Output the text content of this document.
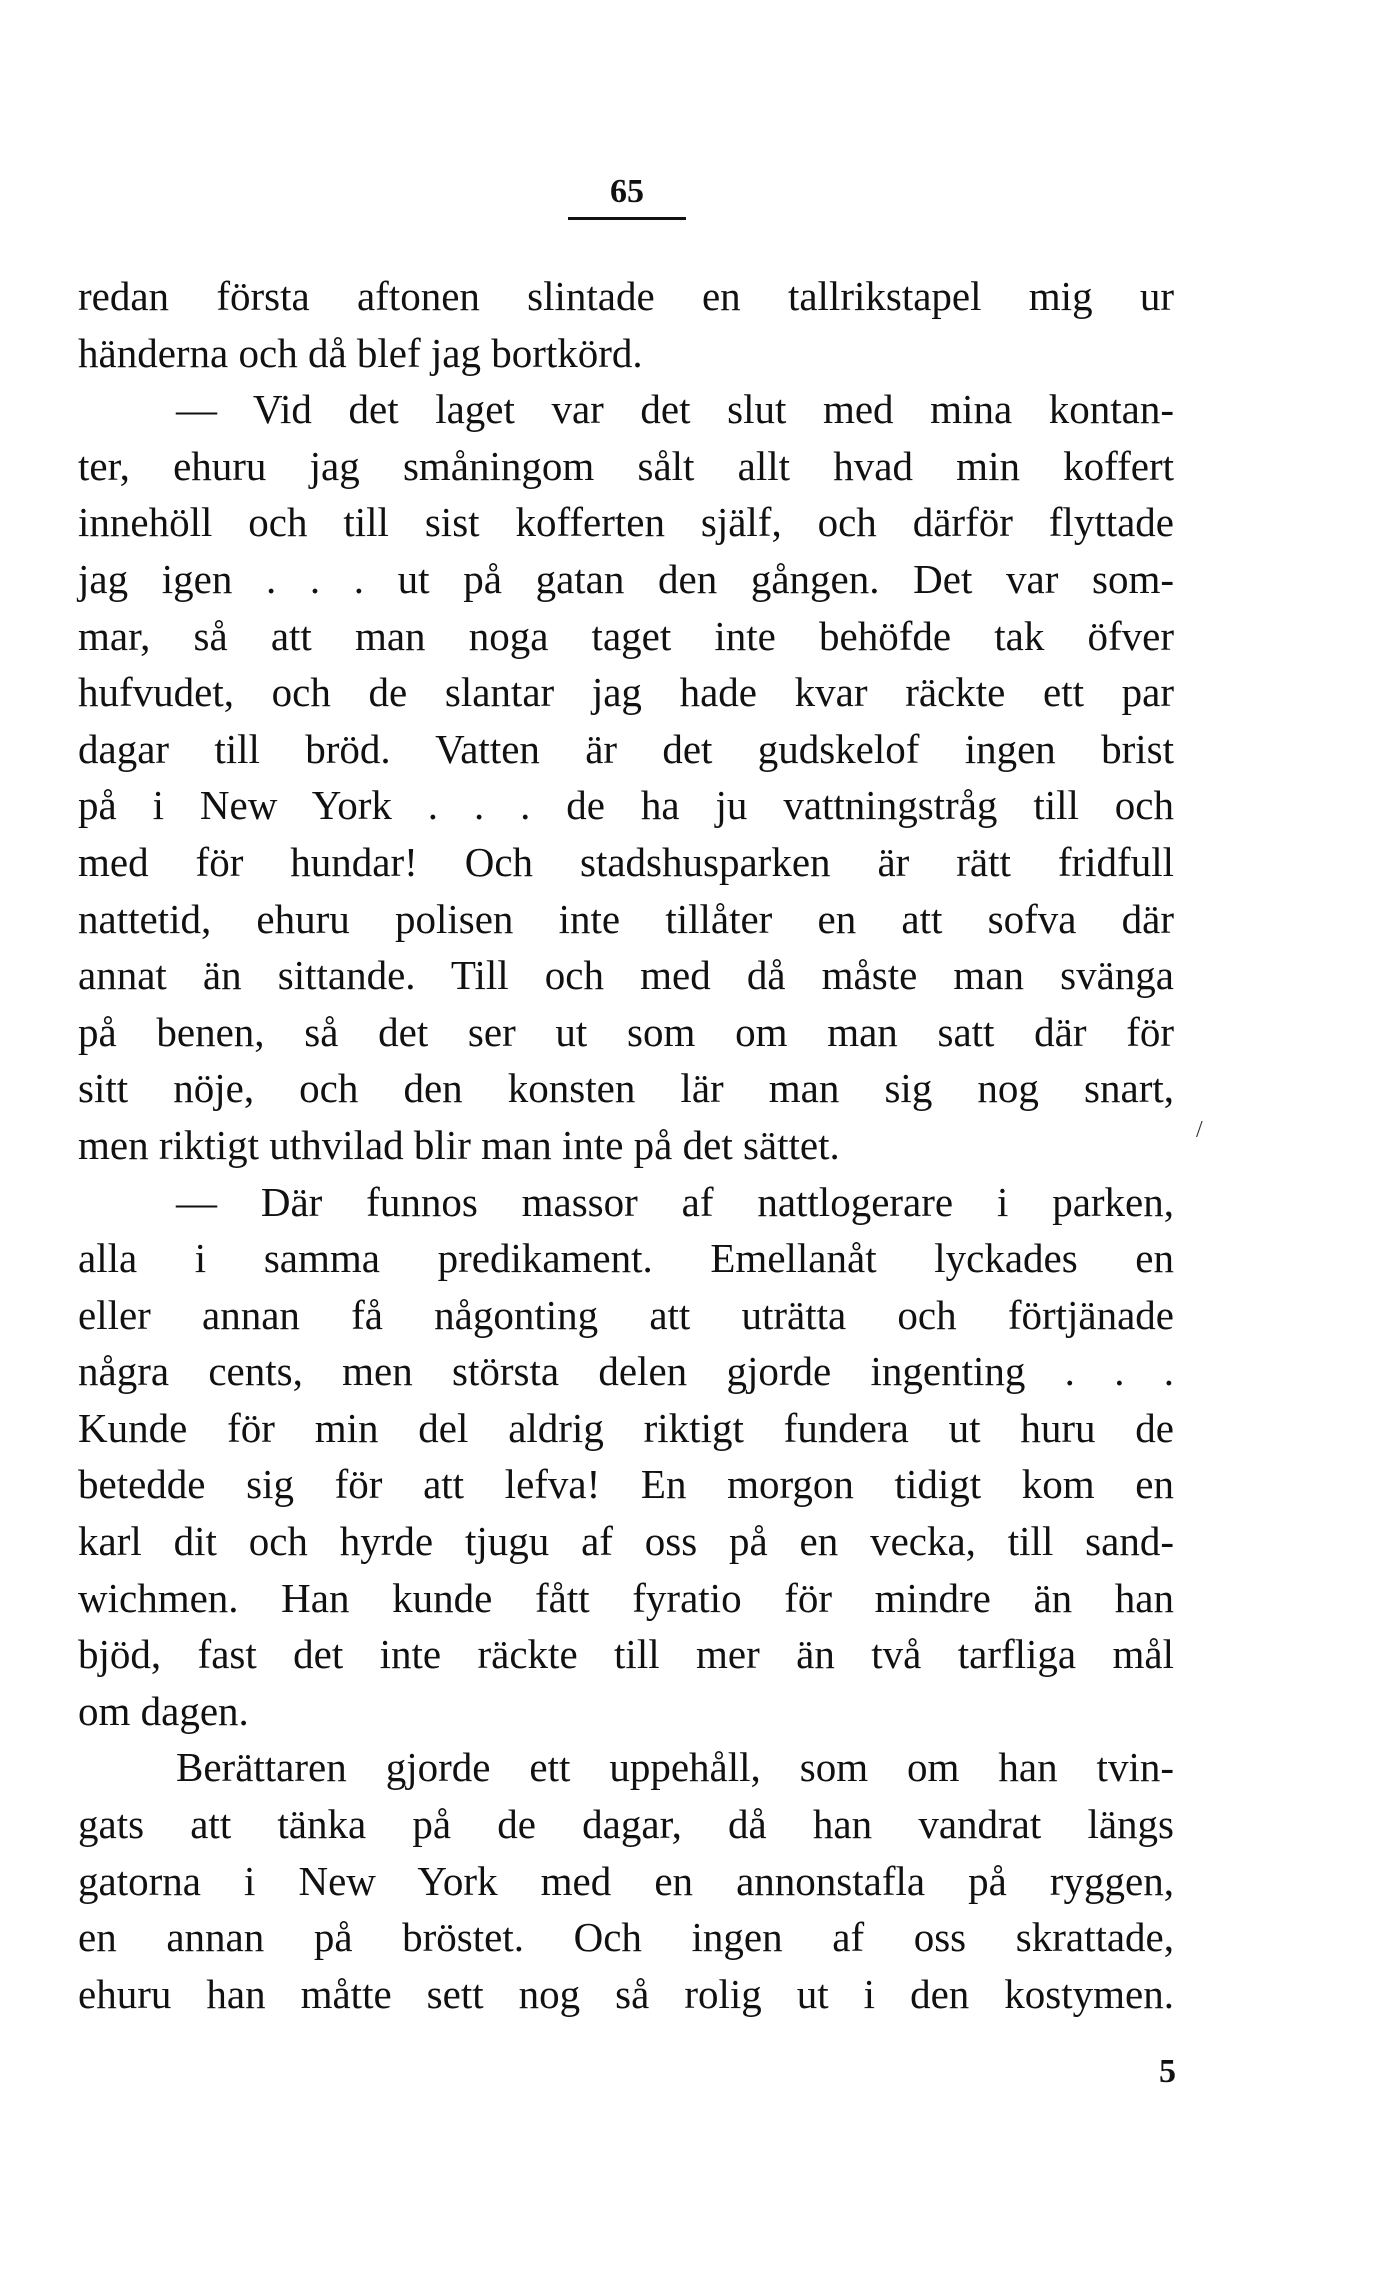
65
redan första aftonen slintade en tallrikstapel mig ur
händerna och då blef jag bortkörd.
— Vid det laget var det slut med mina kontan-
ter, ehuru jag småningom sålt allt hvad min koffert
innehöll och till sist kofferten själf, och därför flyttade
jag igen . . . ut på gatan den gången. Det var som-
mar, så att man noga taget inte behöfde tak öfver
hufvudet, och de slantar jag hade kvar räckte ett par
dagar till bröd. Vatten är det gudskelof ingen brist
på i New York . . . de ha ju vattningstråg till och
med för hundar! Och stadshusparken är rätt fridfull
nattetid, ehuru polisen inte tillåter en att sofva där
annat än sittande. Till och med då måste man svänga
på benen, så det ser ut som om man satt där för
sitt nöje, och den konsten lär man sig nog snart,
men riktigt uthvilad blir man inte på det sättet.
— Där funnos massor af nattlogerare i parken,
alla i samma predikament. Emellanåt lyckades en
eller annan få någonting att uträtta och förtjänade
några cents, men största delen gjorde ingenting . . .
Kunde för min del aldrig riktigt fundera ut huru de
betedde sig för att lefva! En morgon tidigt kom en
karl dit och hyrde tjugu af oss på en vecka, till sand-
wichmen. Han kunde fått fyratio för mindre än han
bjöd, fast det inte räckte till mer än två tarfliga mål
om dagen.
Berättaren gjorde ett uppehåll, som om han tvin-
gats att tänka på de dagar, då han vandrat längs
gatorna i New York med en annonstafla på ryggen,
en annan på bröstet. Och ingen af oss skrattade,
ehuru han måtte sett nog så rolig ut i den kostymen.
5
/
